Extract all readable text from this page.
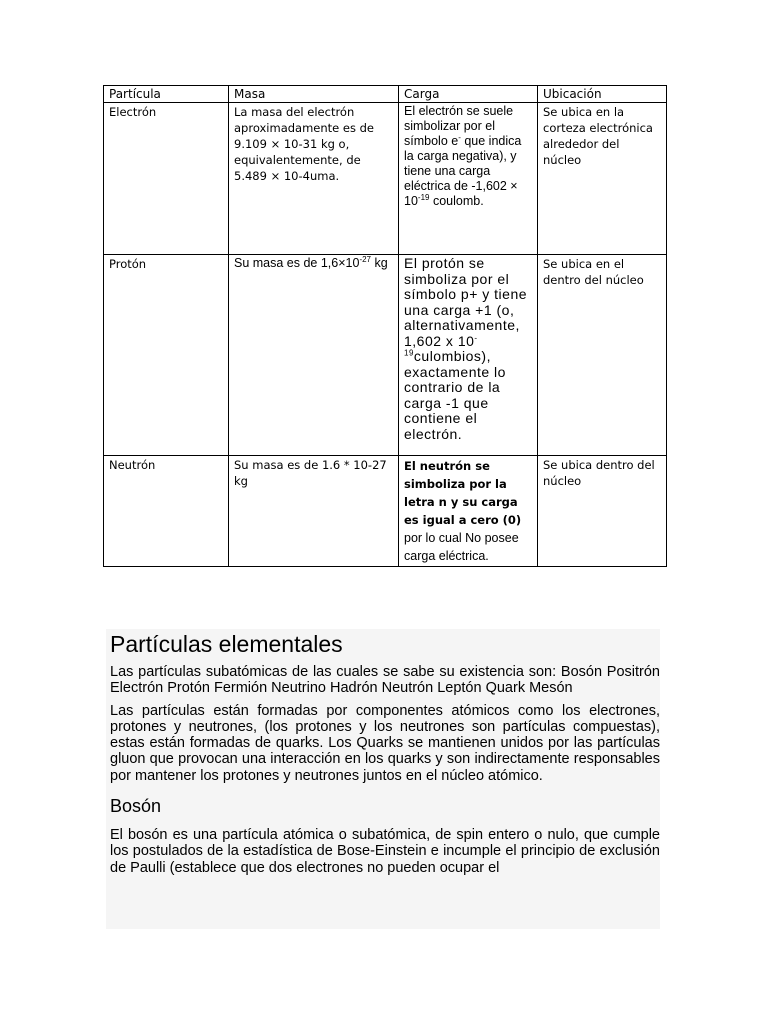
Partícula	Masa	Carga	Ubicación
Electrón	La masa del electrón aproximadamente es de 9.109 × 10-31 kg o, equivalentemente, de 5.489 × 10-4uma.	El electrón se suele simbolizar por el símbolo e- que indica la carga negativa), y tiene una carga eléctrica de $-1,602 \times 10^{-19}$ coulomb.	Se ubica en la corteza electrónica alrededor del núcleo
Protón	Su masa es de $1,6\times 10^{-27}$ kg	El protón se simboliza por el símbolo p+ y tiene una carga +1 (o, alternativamente, 1,602 x $10^{-19}culombios$), exactamente lo contrario de la carga -1 que contiene el electrón.	Se ubica en el dentro del núcleo
Neutrón	Su masa es de 1.6 * 10-27 kg	El neutrón se simboliza por la letra n y su carga es igual a cero (0) por lo cual No posee carga eléctrica.	Se ubica dentro del núcleo
Partículas elementales

Las partículas subatómicas de las cuales se sabe su existencia son: Bosón Positrón Electrón Protón Fermión Neutrino Hadrón Neutrón Leptón Quark Mesón

Las partículas están formadas por componentes atómicos como los electrones, protones y neutrones, (los protones y los neutrones son partículas compuestas), estas están formadas de quarks. Los Quarks se mantienen unidos por las partículas gluon que provocan una interacción en los quarks y son indirectamente responsables por mantener los protones y neutrones juntos en el núcleo atómico.

Bosón

El bosón es una partícula atómica o subatómica, de spin entero o nulo, que cumple los postulados de la estadística de Bose-Einstein e incumple el principio de exclusión de Paulli (establece que dos electrones no pueden ocupar el
